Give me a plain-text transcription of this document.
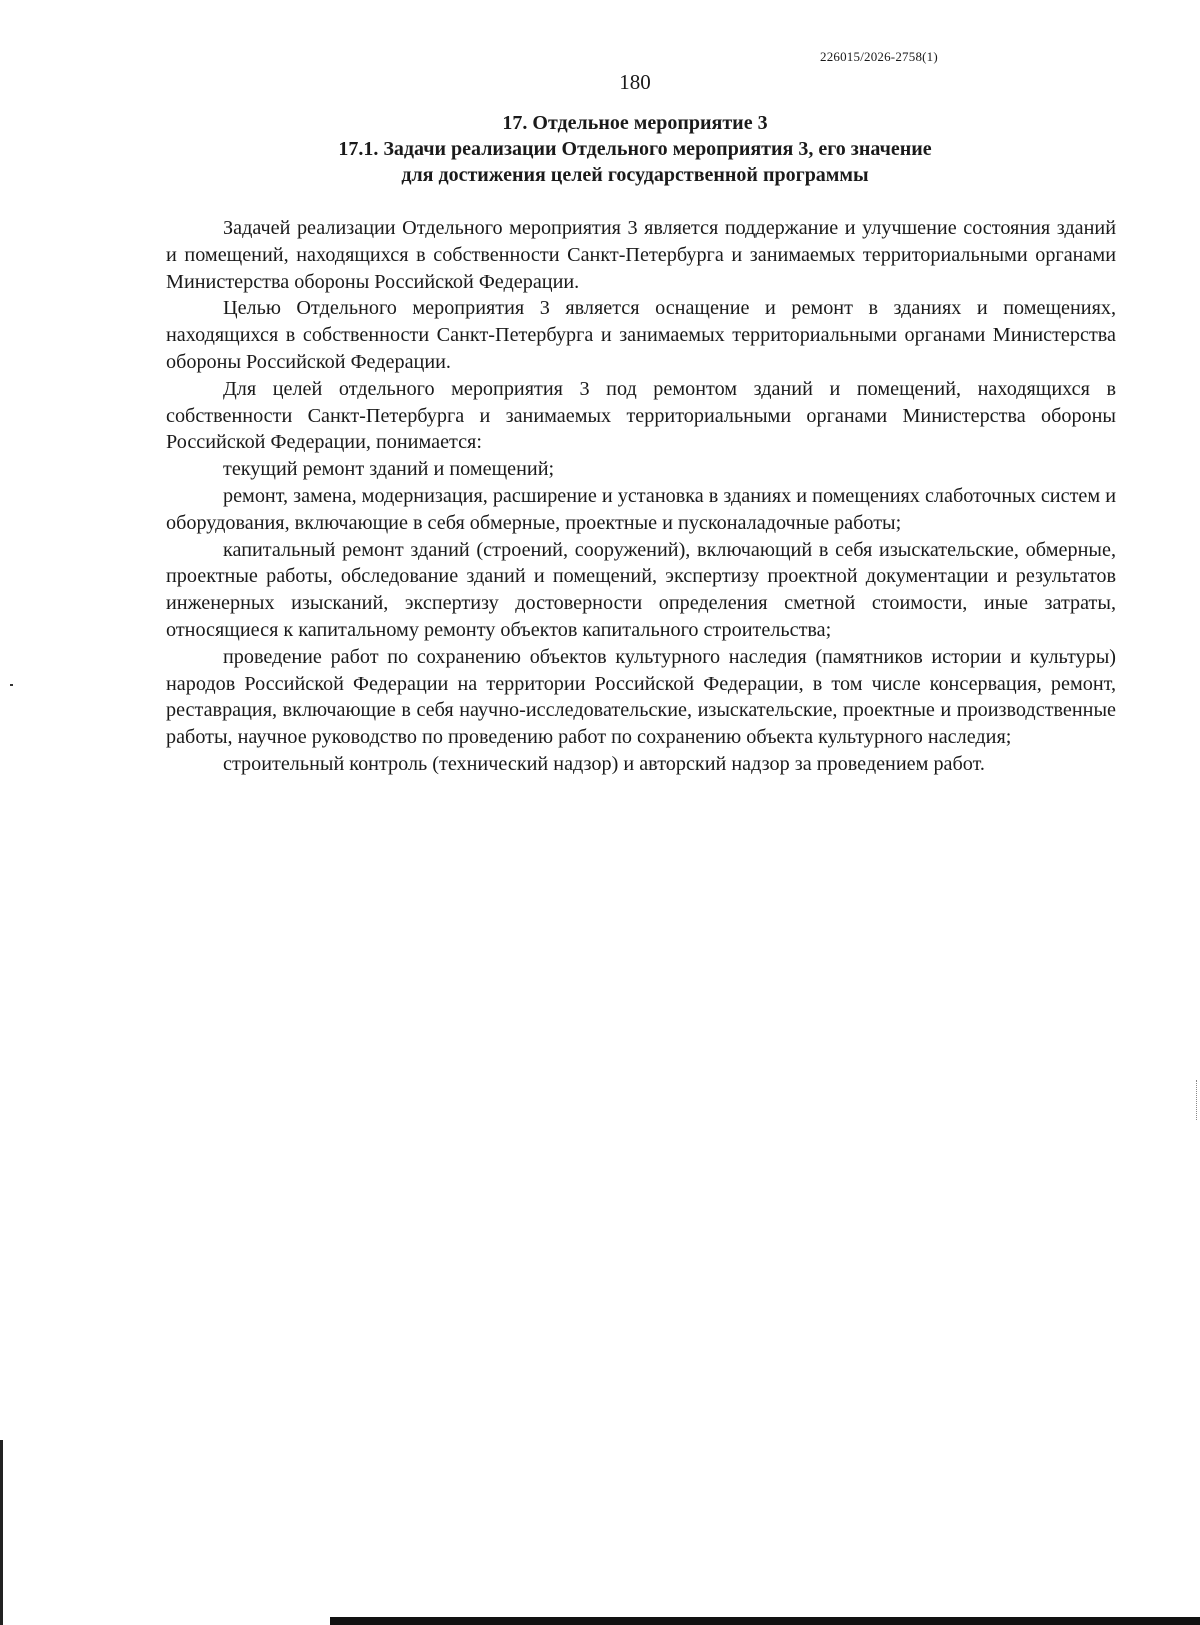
226015/2026-2758(1)
180
17. Отдельное мероприятие 3
17.1. Задачи реализации Отдельного мероприятия 3, его значение
для достижения целей государственной программы

Задачей реализации Отдельного мероприятия 3 является поддержание и улучшение состояния зданий и помещений, находящихся в собственности Санкт-Петербурга и занимаемых территориальными органами Министерства обороны Российской Федерации.

Целью Отдельного мероприятия 3 является оснащение и ремонт в зданиях и помещениях, находящихся в собственности Санкт-Петербурга и занимаемых территориальными органами Министерства обороны Российской Федерации.

Для целей отдельного мероприятия 3 под ремонтом зданий и помещений, находящихся в собственности Санкт-Петербурга и занимаемых территориальными органами Министерства обороны Российской Федерации, понимается:

текущий ремонт зданий и помещений;

ремонт, замена, модернизация, расширение и установка в зданиях и помещениях слаботочных систем и оборудования, включающие в себя обмерные, проектные и пусконаладочные работы;

капитальный ремонт зданий (строений, сооружений), включающий в себя изыскательские, обмерные, проектные работы, обследование зданий и помещений, экспертизу проектной документации и результатов инженерных изысканий, экспертизу достоверности определения сметной стоимости, иные затраты, относящиеся к капитальному ремонту объектов капитального строительства;

проведение работ по сохранению объектов культурного наследия (памятников истории и культуры) народов Российской Федерации на территории Российской Федерации, в том числе консервация, ремонт, реставрация, включающие в себя научно-исследовательские, изыскательские, проектные и производственные работы, научное руководство по проведению работ по сохранению объекта культурного наследия;

строительный контроль (технический надзор) и авторский надзор за проведением работ.
